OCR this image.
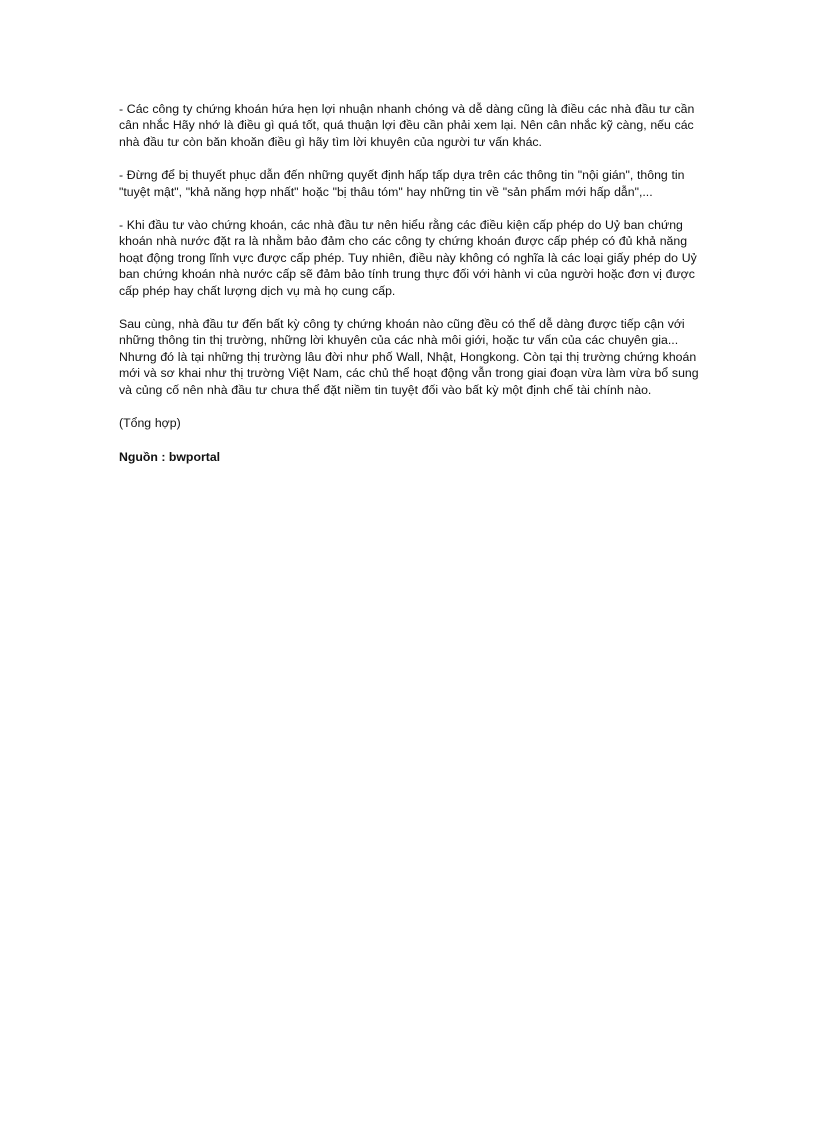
- Các công ty chứng khoán hứa hẹn lợi nhuận nhanh chóng và dễ dàng cũng là điều các nhà đầu tư cần cân nhắc Hãy nhớ là điều gì quá tốt, quá thuận lợi đều cần phải xem lại. Nên cân nhắc kỹ càng, nếu các nhà đầu tư còn băn khoăn điều gì hãy tìm lời khuyên của người tư vấn khác.

- Đừng để bị thuyết phục dẫn đến những quyết định hấp tấp dựa trên các thông tin "nội gián", thông tin "tuyệt mật", "khả năng hợp nhất" hoặc "bị thâu tóm" hay những tin về "sản phẩm mới hấp dẫn",...

- Khi đầu tư vào chứng khoán, các nhà đầu tư nên hiểu rằng các điều kiện cấp phép do Uỷ ban chứng khoán nhà nước đặt ra là nhằm bảo đảm cho các công ty chứng khoán được cấp phép có đủ khả năng hoạt động trong lĩnh vực được cấp phép. Tuy nhiên, điều này không có nghĩa là các loại giấy phép do Uỷ ban chứng khoán nhà nước cấp sẽ đảm bảo tính trung thực đối với hành vi của người hoặc đơn vị được cấp phép hay chất lượng dịch vụ mà họ cung cấp.

Sau cùng, nhà đầu tư đến bất kỳ công ty chứng khoán nào cũng đều có thể dễ dàng được tiếp cận với những thông tin thị trường, những lời khuyên của các nhà môi giới, hoặc tư vấn của các chuyên gia... Nhưng đó là tại những thị trường lâu đời như phố Wall, Nhật, Hongkong. Còn tại thị trường chứng khoán mới và sơ khai như thị trường Việt Nam, các chủ thể hoạt động vẫn trong giai đoạn vừa làm vừa bổ sung và củng cố nên nhà đầu tư chưa thể đặt niềm tin tuyệt đối vào bất kỳ một định chế tài chính nào.

(Tổng hợp)

Nguồn : bwportal
